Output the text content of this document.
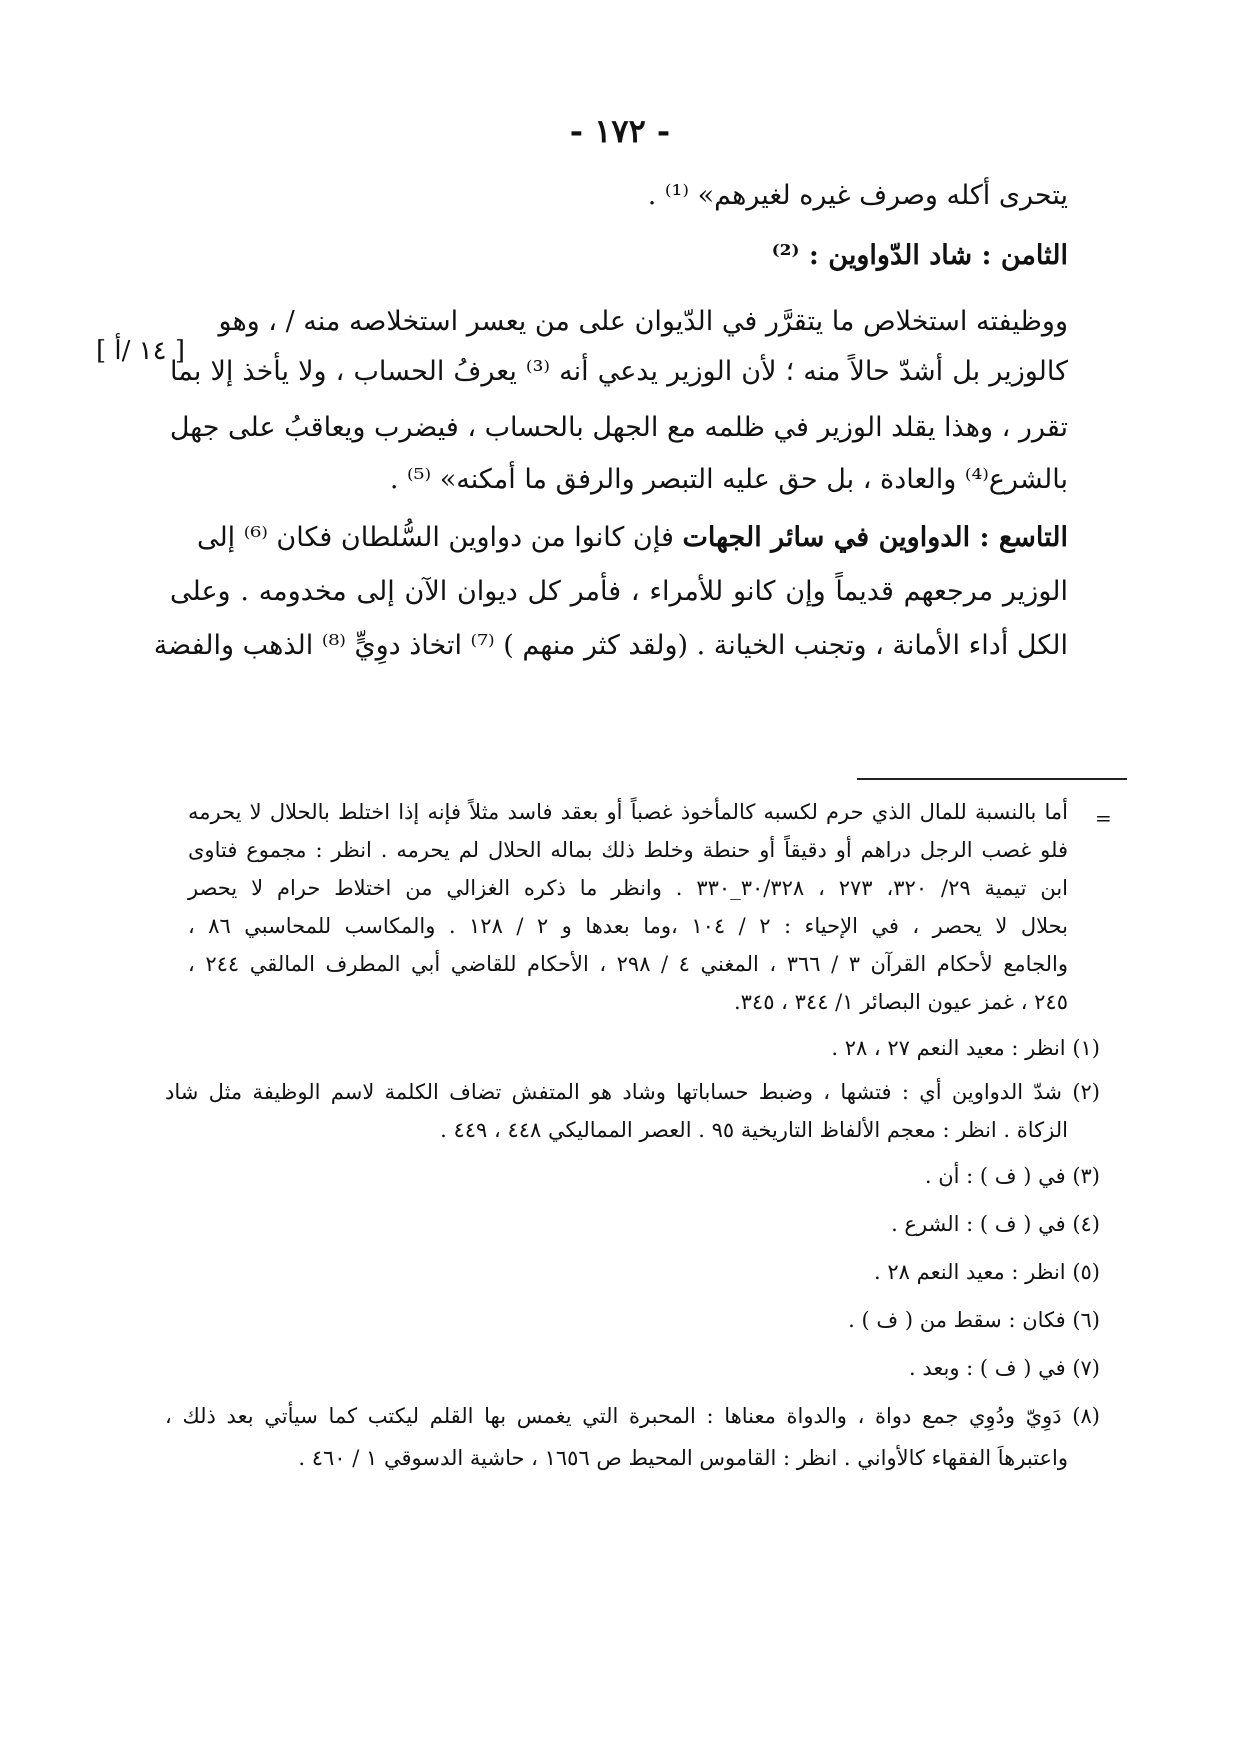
- ١٧٢ -
يتحرى أكله وصرف غيره لغيرهم» ⁽¹⁾ .
الثامن : شاد الدّواوين : ⁽²⁾
ووظيفته استخلاص ما يتقرَّر في الدّيوان على من يعسر استخلاصه منه / ، وهو
[ ١٤ /أ ]
كالوزير بل أشدّ حالاً منه ؛ لأن الوزير يدعي أنه ⁽³⁾ يعرفُ الحساب ، ولا يأخذ إلا بما
تقرر ، وهذا يقلد الوزير في ظلمه مع الجهل بالحساب ، فيضرب ويعاقبُ على جهل
بالشرع⁽⁴⁾ والعادة ، بل حق عليه التبصر والرفق ما أمكنه» ⁽⁵⁾ .
التاسع : الدواوين في سائر الجهات فإن كانوا من دواوين السُّلطان فكان ⁽⁶⁾ إلى
الوزير مرجعهم قديماً وإن كانو للأمراء ، فأمر كل ديوان الآن إلى مخدومه . وعلى
الكل أداء الأمانة ، وتجنب الخيانة . (ولقد كثر منهم ) ⁽⁷⁾ اتخاذ دوِيٍّ ⁽⁸⁾ الذهب والفضة
=
أما بالنسبة للمال الذي حرم لكسبه كالمأخوذ غصباً أو بعقد فاسد مثلاً فإنه إذا اختلط بالحلال لا يحرمه
فلو غصب الرجل دراهم أو دقيقاً أو حنطة وخلط ذلك بماله الحلال لم يحرمه . انظر : مجموع فتاوى
ابن تيمية ٢٩/ ٣٢٠، ٢٧٣ ، ٣٠/٣٢٨_٣٣٠ . وانظر ما ذكره الغزالي من اختلاط حرام لا يحصر
بحلال لا يحصر ، في الإحياء : ٢ / ١٠٤ ،وما بعدها و ٢ / ١٢٨ . والمكاسب للمحاسبي ٨٦ ،
والجامع لأحكام القرآن ٣ / ٣٦٦ ، المغني ٤ / ٢٩٨ ، الأحكام للقاضي أبي المطرف المالقي ٢٤٤ ،
٢٤٥ ، غمز عيون البصائر ١/ ٣٤٤ ، ٣٤٥.
(١) انظر : معيد النعم ٢٧ ، ٢٨ .
(٢) شدّ الدواوين أي : فتشها ، وضبط حساباتها وشاد هو المتفش تضاف الكلمة لاسم الوظيفة مثل شاد
الزكاة . انظر : معجم الألفاظ التاريخية ٩٥ . العصر المماليكي ٤٤٨ ، ٤٤٩ .
(٣) في ( ف ) : أن .
(٤) في ( ف ) : الشرع .
(٥) انظر : معيد النعم ٢٨ .
(٦) فكان : سقط من ( ف ) .
(٧) في ( ف ) : وبعد .
(٨) دَوِيّ ودُوِي جمع دواة ، والدواة معناها : المحبرة التي يغمس بها القلم ليكتب كما سيأتي بعد ذلك ،
واعتبرهاَ الفقهاء كالأواني . انظر : القاموس المحيط ص ١٦٥٦ ، حاشية الدسوقي ١ / ٤٦٠ .
